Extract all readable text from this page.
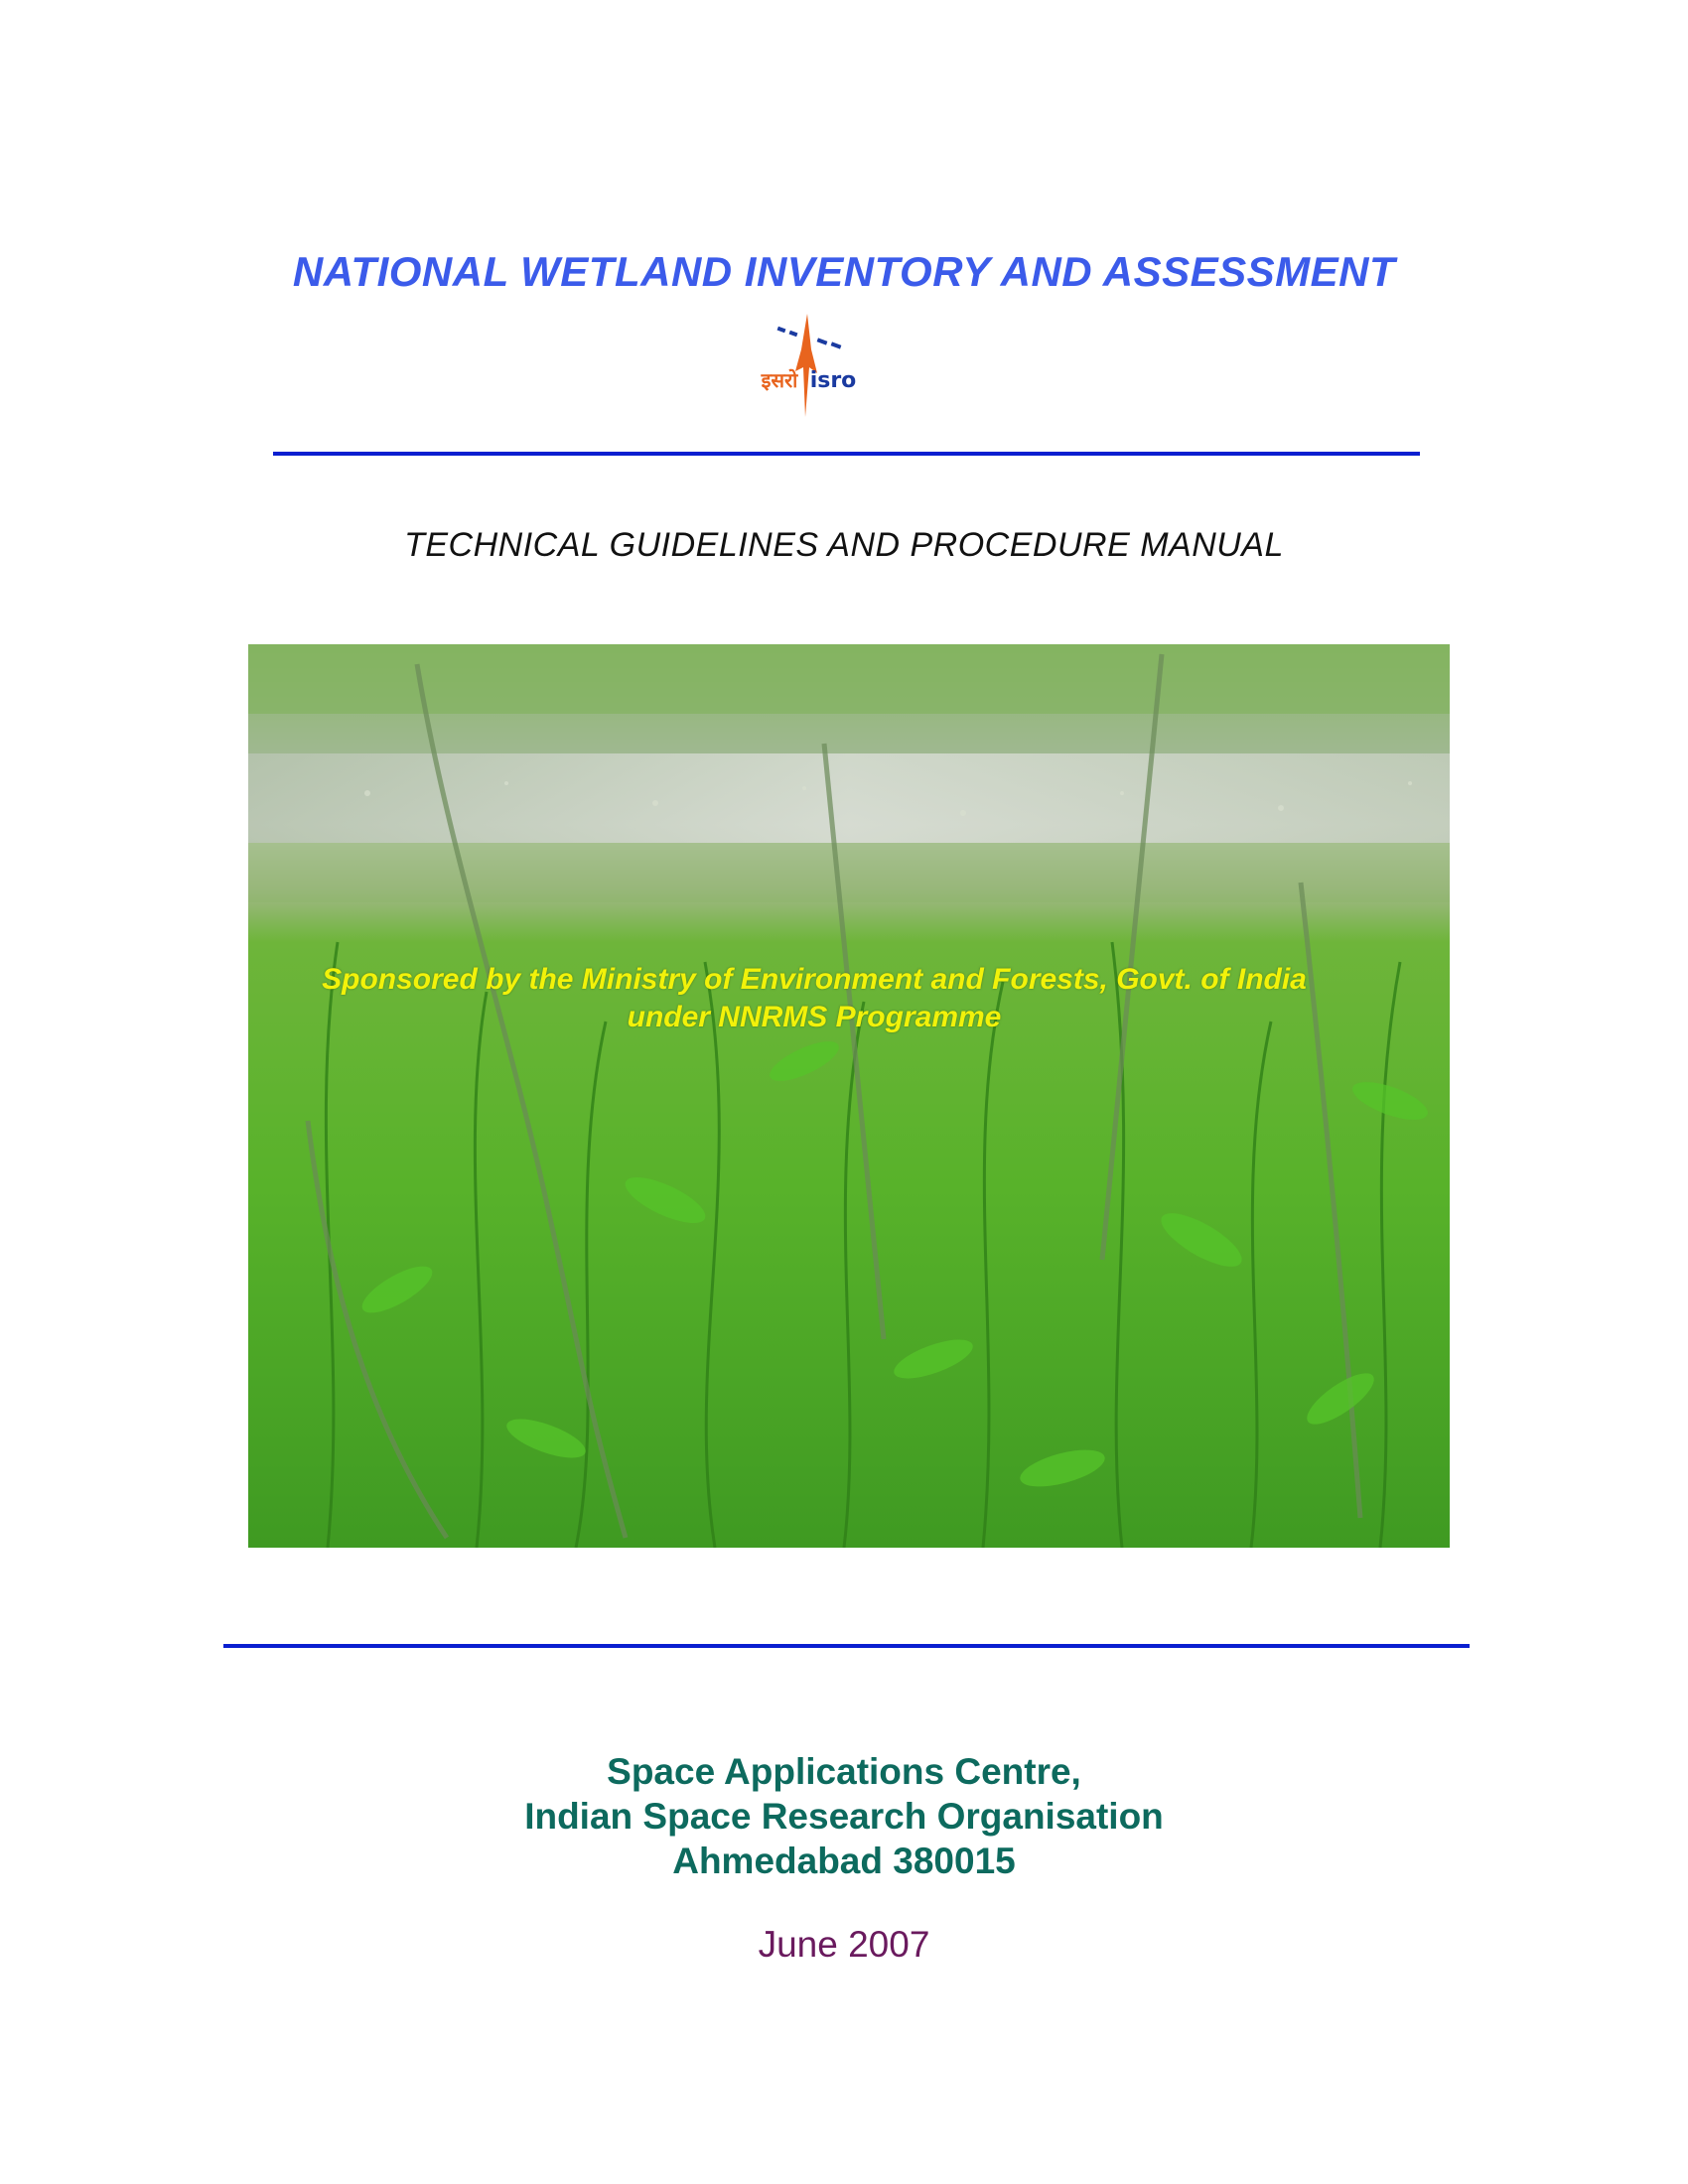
NATIONAL WETLAND INVENTORY AND ASSESSMENT
इसरो isro
TECHNICAL GUIDELINES AND PROCEDURE MANUAL
Sponsored by the Ministry of Environment and Forests, Govt. of India
under NNRMS Programme
Space Applications Centre,
Indian Space Research Organisation
Ahmedabad 380015
June 2007
